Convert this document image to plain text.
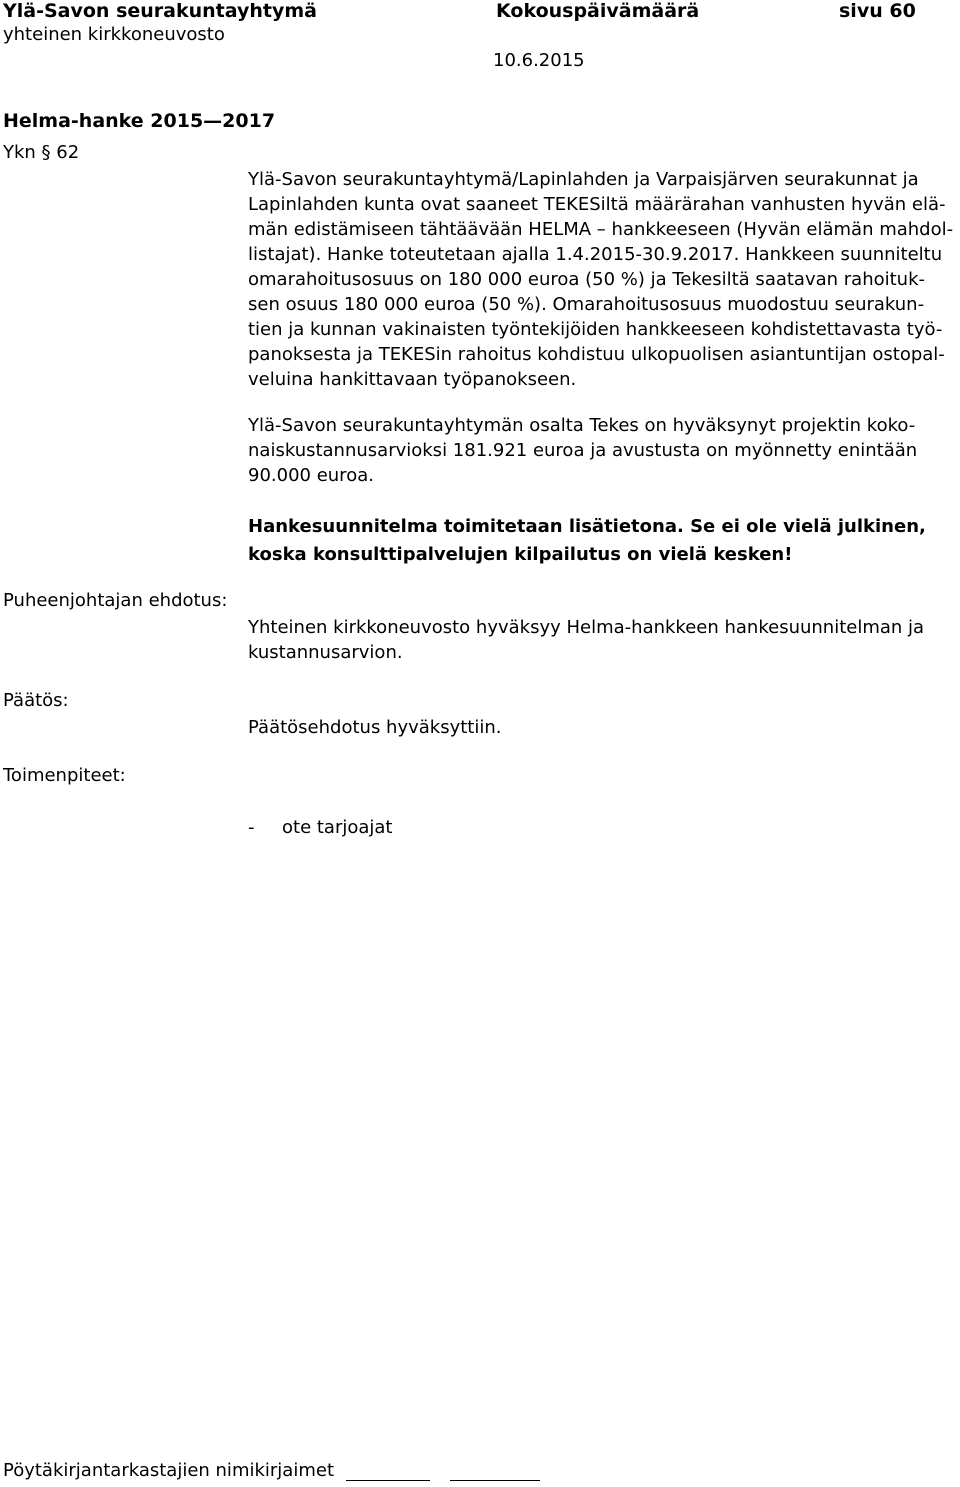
Ylä-Savon seurakuntayhtymä	Kokouspäivämäärä	sivu 60
yhteinen kirkkoneuvosto
10.6.2015
Helma-hanke 2015—2017
Ykn § 62

Ylä-Savon seurakuntayhtymä/Lapinlahden ja Varpaisjärven seurakunnat ja
Lapinlahden kunta ovat saaneet TEKESiltä määrärahan vanhusten hyvän elä-
män edistämiseen tähtäävään HELMA – hankkeeseen (Hyvän elämän mahdol-
listajat). Hanke toteutetaan ajalla 1.4.2015-30.9.2017. Hankkeen suunniteltu
omarahoitusosuus on 180 000 euroa (50 %) ja Tekesiltä saatavan rahoituk-
sen osuus 180 000 euroa (50 %). Omarahoitusosuus muodostuu seurakun-
tien ja kunnan vakinaisten työntekijöiden hankkeeseen kohdistettavasta työ-
panoksesta ja TEKESin rahoitus kohdistuu ulkopuolisen asiantuntijan ostopal-
veluina hankittavaan työpanokseen.

Ylä-Savon seurakuntayhtymän osalta Tekes on hyväksynyt projektin koko-
naiskustannusarvioksi 181.921 euroa ja avustusta on myönnetty enintään
90.000 euroa.

Hankesuunnitelma toimitetaan lisätietona. Se ei ole vielä julkinen,
koska konsulttipalvelujen kilpailutus on vielä kesken!

Puheenjohtajan ehdotus:
Päätös:
Toimenpiteet:

Yhteinen kirkkoneuvosto hyväksyy Helma-hankkeen hankesuunnitelman ja
kustannusarvion.

Päätösehdotus hyväksyttiin.

- ote tarjoajat

Pöytäkirjantarkastajien nimikirjaimet
